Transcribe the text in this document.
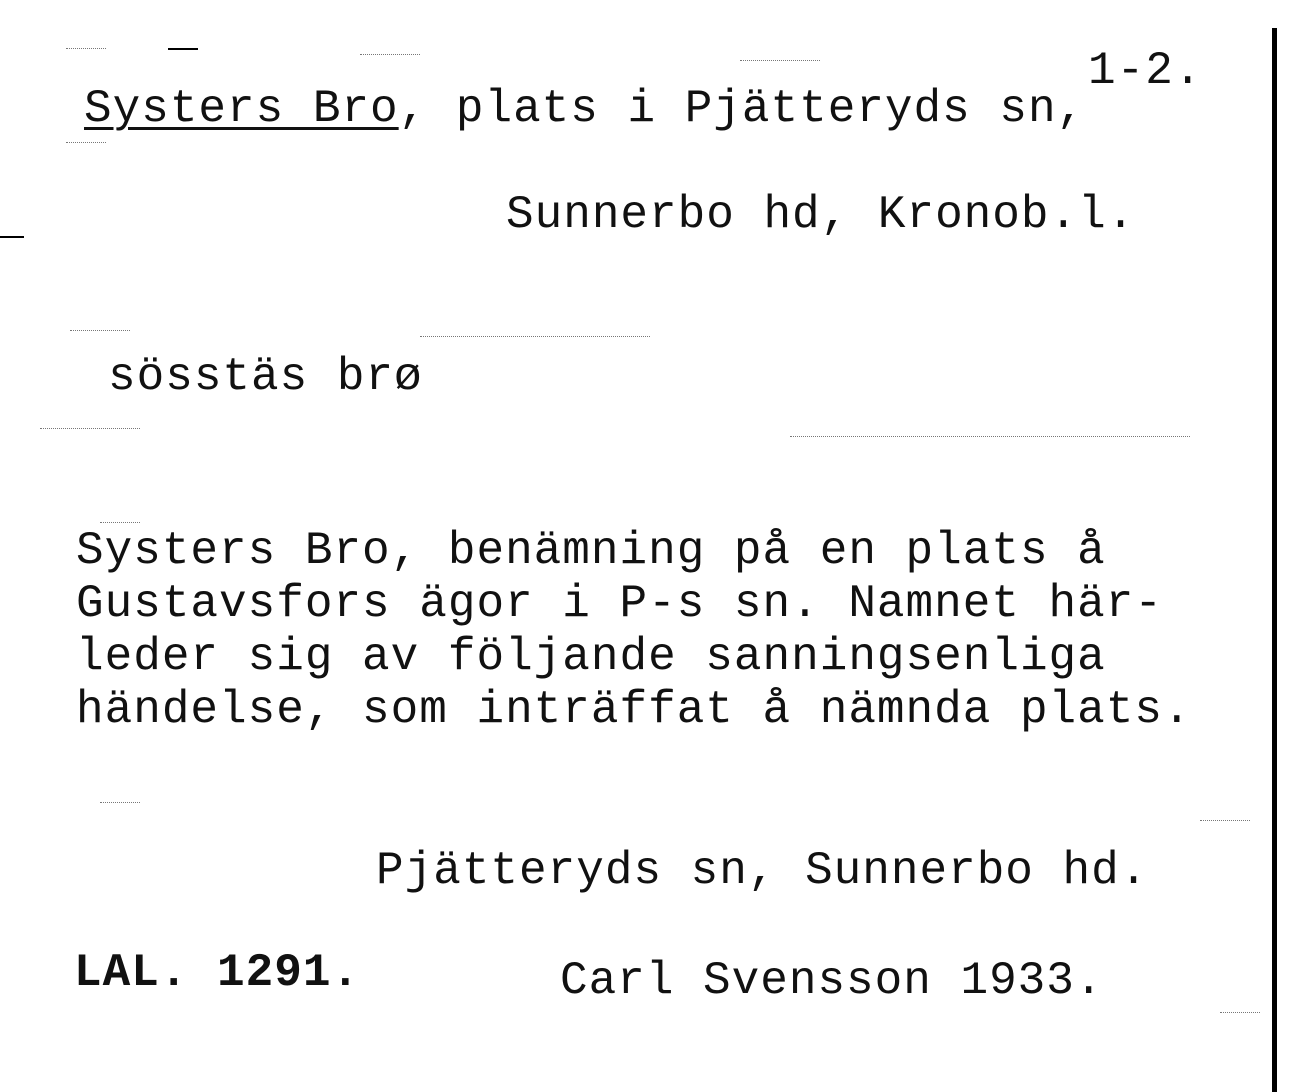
1-2.
Systers Bro, plats i Pjätteryds sn,
Sunnerbo hd, Kronob.l.
sösstäs brø
Systers Bro, benämning på en plats å
Gustavsfors ägor i P-s sn. Namnet här-
leder sig av följande sanningsenliga
händelse, som inträffat å nämnda plats.
Pjätteryds sn, Sunnerbo hd.
LAL. 1291.	Carl Svensson 1933.
